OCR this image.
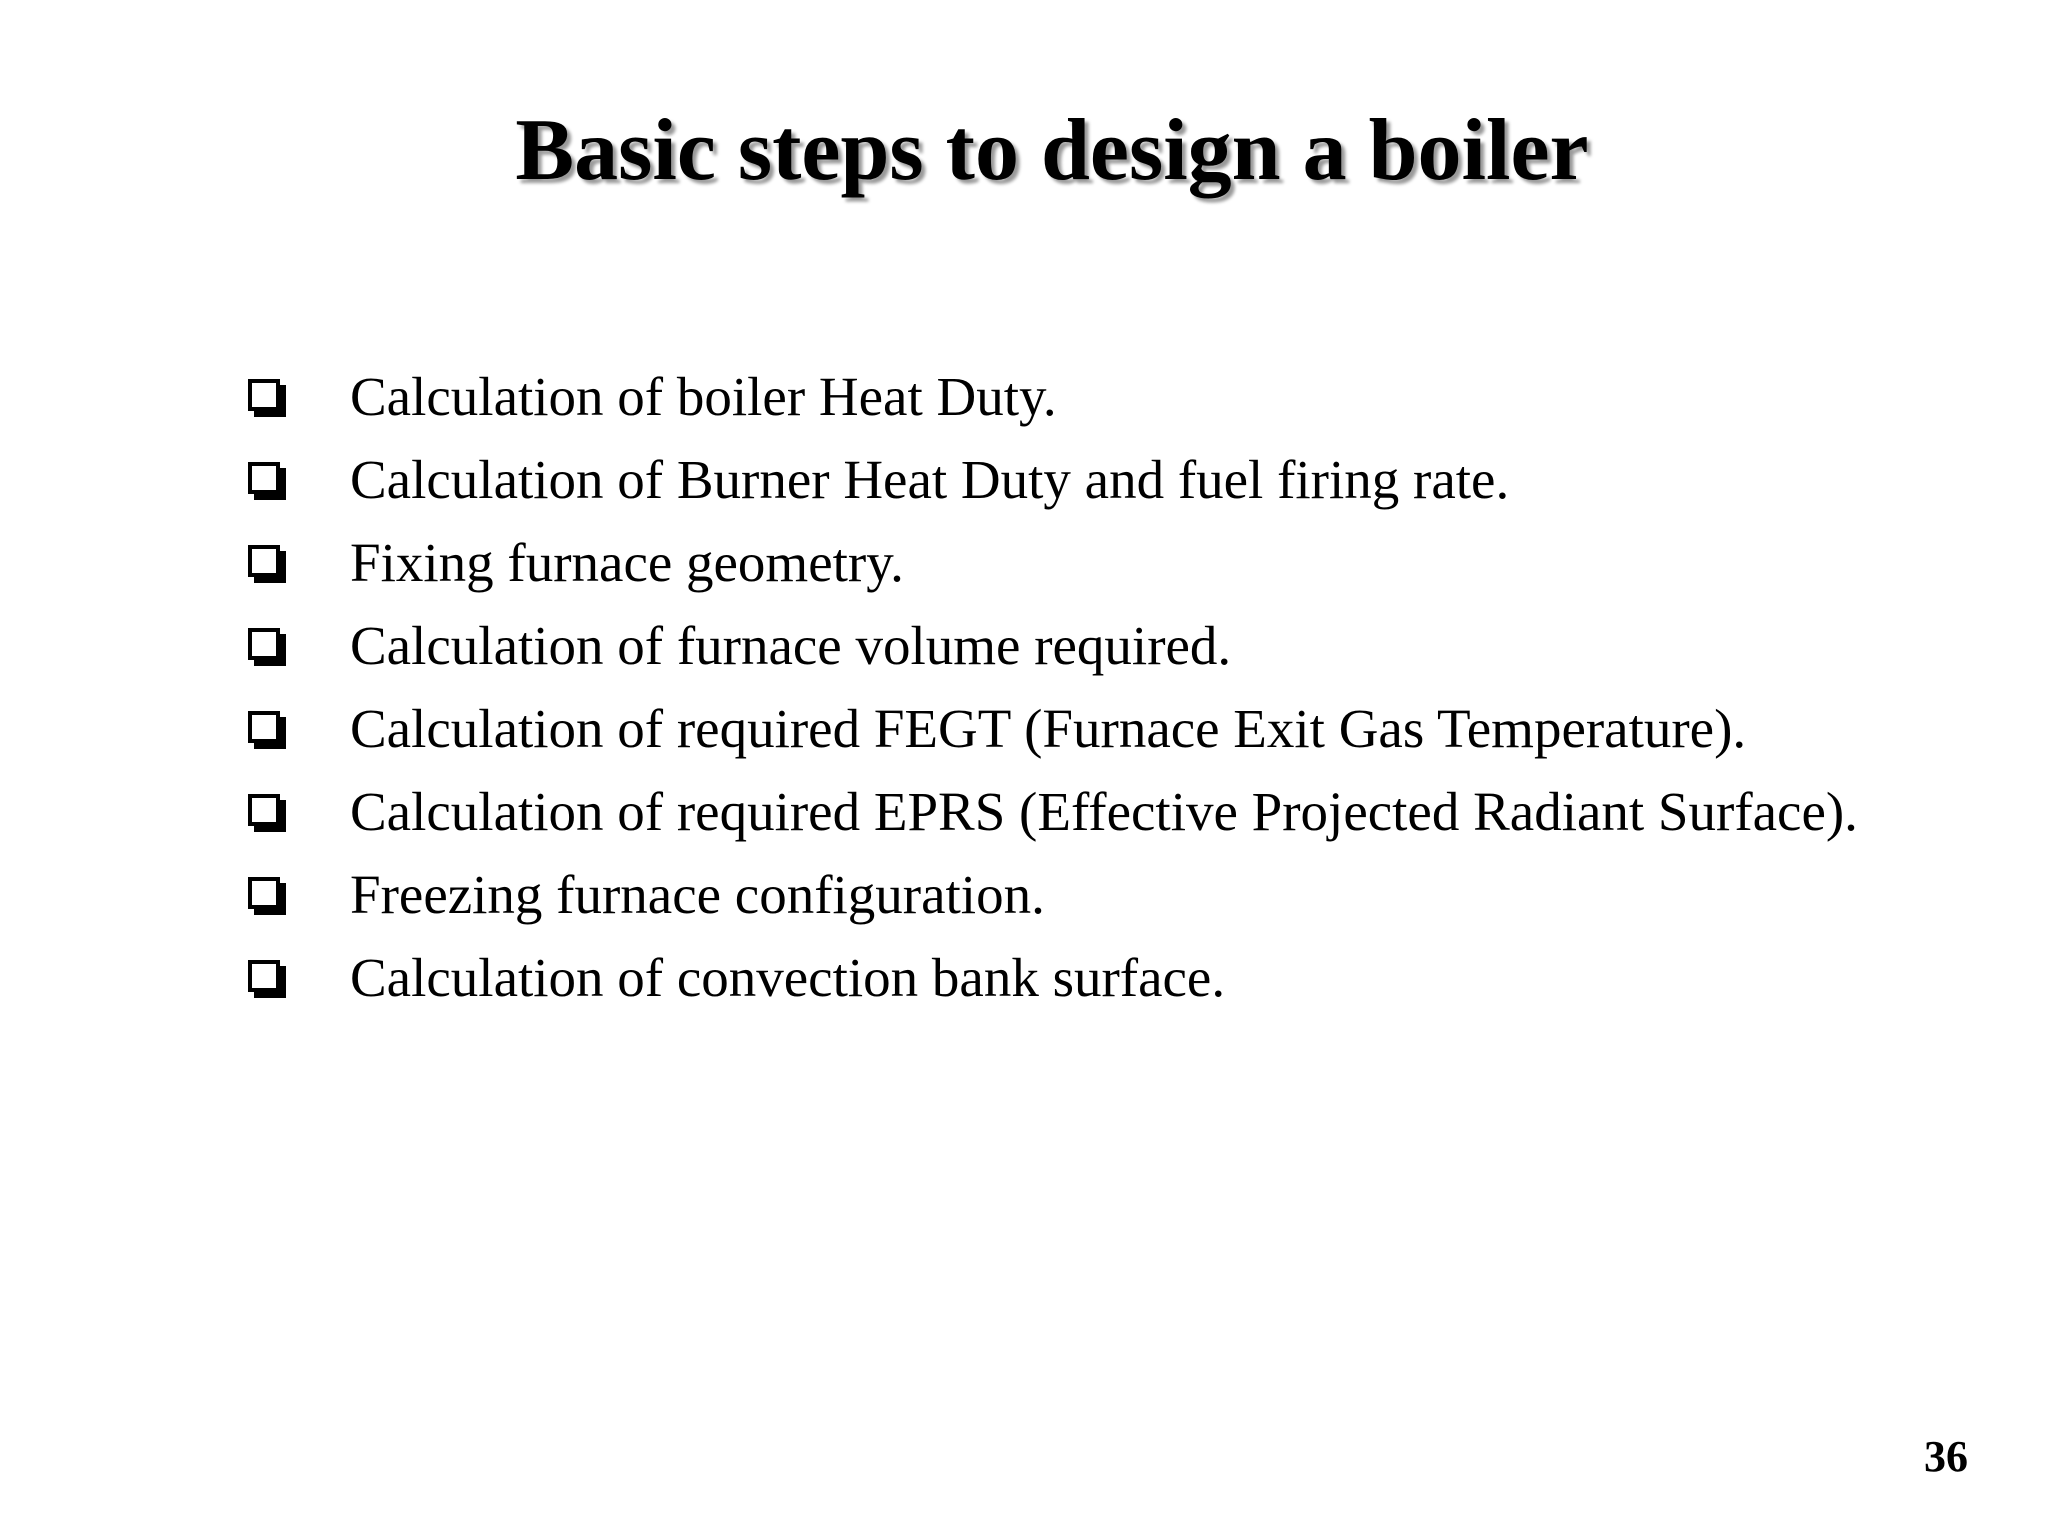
Basic steps to design a boiler
Calculation of boiler Heat Duty.
Calculation of Burner Heat Duty and fuel firing rate.
Fixing furnace geometry.
Calculation of furnace volume required.
Calculation of required FEGT (Furnace Exit Gas Temperature).
Calculation of required EPRS (Effective Projected Radiant Surface).
Freezing furnace configuration.
Calculation of convection bank surface.
36
